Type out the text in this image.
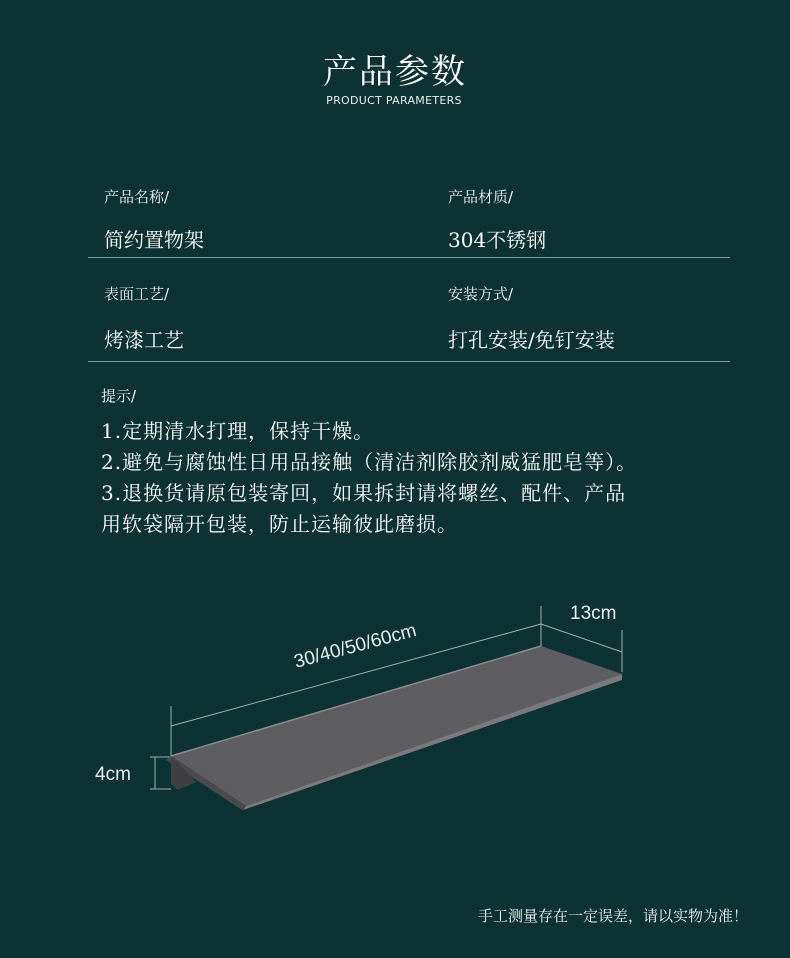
产品参数
PRODUCT PARAMETERS
产品名称/
简约置物架
产品材质/
304不锈钢
表面工艺/
烤漆工艺
安装方式/
打孔安装/免钉安装
提示/
1.定期清水打理，保持干燥。
2.避免与腐蚀性日用品接触（清洁剂除胶剂威猛肥皂等）。
3.退换货请原包装寄回，如果拆封请将螺丝、配件、产品
用软袋隔开包装，防止运输彼此磨损。
30/40/50/60cm
13cm
4cm
手工测量存在一定误差，请以实物为准！
